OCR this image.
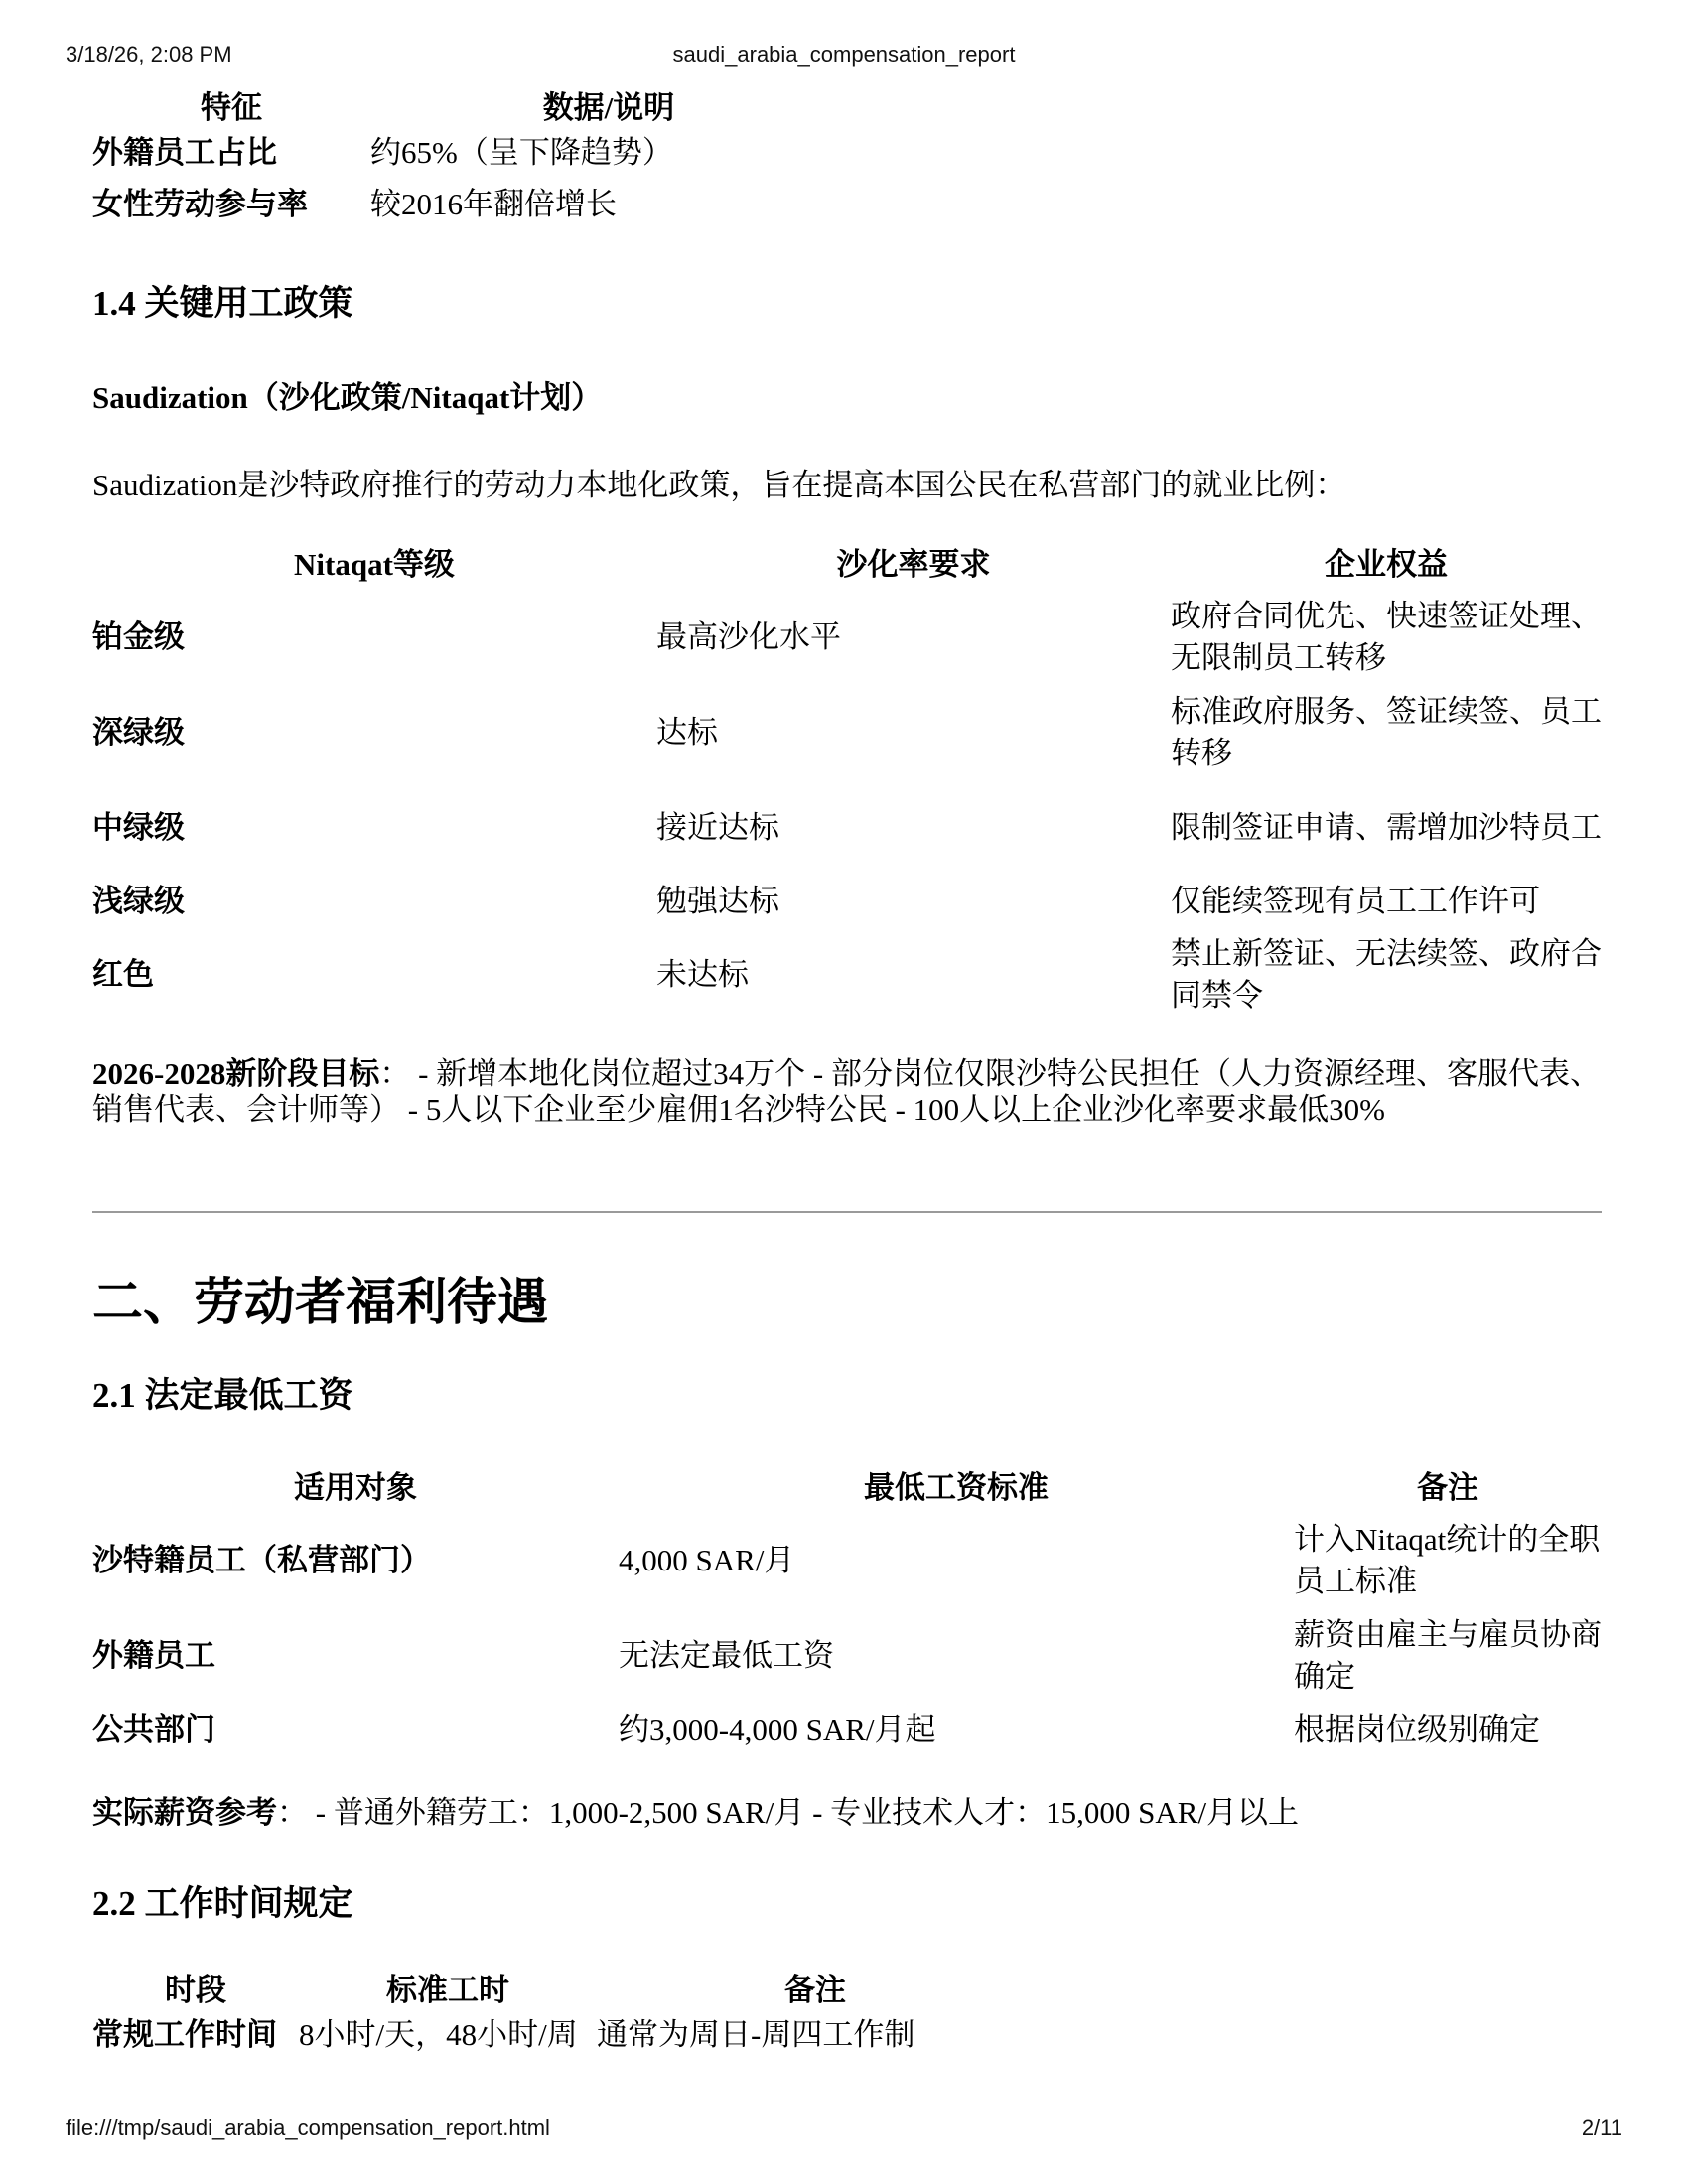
3/18/26, 2:08 PM	saudi_arabia_compensation_report
特征	数据/说明
外籍员工占比	约65%（呈下降趋势）
女性劳动参与率	较2016年翻倍增长
1.4 关键用工政策
Saudization（沙化政策/Nitaqat计划）
Saudization是沙特政府推行的劳动力本地化政策，旨在提高本国公民在私营部门的就业比例：
Nitaqat等级	沙化率要求	企业权益
铂金级	最高沙化水平	政府合同优先、快速签证处理、无限制员工转移
深绿级	达标	标准政府服务、签证续签、员工转移
中绿级	接近达标	限制签证申请、需增加沙特员工
浅绿级	勉强达标	仅能续签现有员工工作许可
红色	未达标	禁止新签证、无法续签、政府合同禁令
2026-2028新阶段目标： - 新增本地化岗位超过34万个 - 部分岗位仅限沙特公民担任（人力资源经理、客服代表、销售代表、会计师等） - 5人以下企业至少雇佣1名沙特公民 - 100人以上企业沙化率要求最低30%
二、劳动者福利待遇
2.1 法定最低工资
适用对象	最低工资标准	备注
沙特籍员工（私营部门）	4,000 SAR/月	计入Nitaqat统计的全职员工标准
外籍员工	无法定最低工资	薪资由雇主与雇员协商确定
公共部门	约3,000-4,000 SAR/月起	根据岗位级别确定
实际薪资参考： - 普通外籍劳工：1,000-2,500 SAR/月 - 专业技术人才：15,000 SAR/月以上
2.2 工作时间规定
时段	标准工时	备注
常规工作时间	8小时/天，48小时/周	通常为周日-周四工作制
file:///tmp/saudi_arabia_compensation_report.html	2/11
